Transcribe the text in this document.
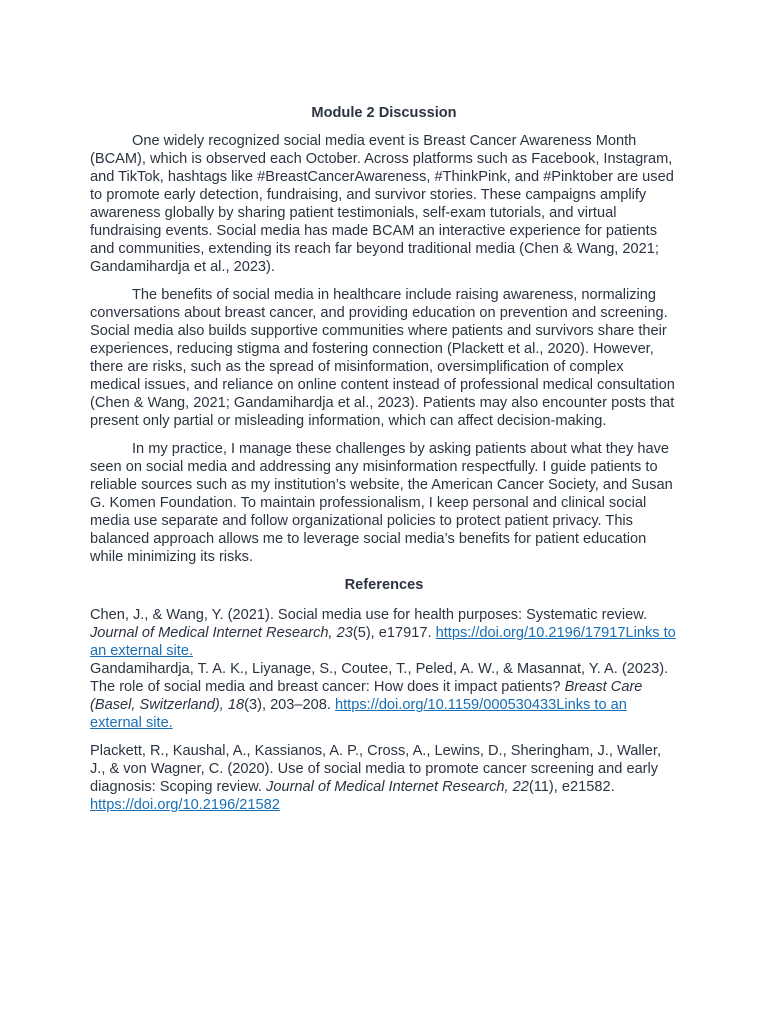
Module 2 Discussion

One widely recognized social media event is Breast Cancer Awareness Month (BCAM), which is observed each October. Across platforms such as Facebook, Instagram, and TikTok, hashtags like #BreastCancerAwareness, #ThinkPink, and #Pinktober are used to promote early detection, fundraising, and survivor stories. These campaigns amplify awareness globally by sharing patient testimonials, self-exam tutorials, and virtual fundraising events. Social media has made BCAM an interactive experience for patients and communities, extending its reach far beyond traditional media (Chen & Wang, 2021; Gandamihardja et al., 2023).

The benefits of social media in healthcare include raising awareness, normalizing conversations about breast cancer, and providing education on prevention and screening. Social media also builds supportive communities where patients and survivors share their experiences, reducing stigma and fostering connection (Plackett et al., 2020). However, there are risks, such as the spread of misinformation, oversimplification of complex medical issues, and reliance on online content instead of professional medical consultation (Chen & Wang, 2021; Gandamihardja et al., 2023). Patients may also encounter posts that present only partial or misleading information, which can affect decision-making.

In my practice, I manage these challenges by asking patients about what they have seen on social media and addressing any misinformation respectfully. I guide patients to reliable sources such as my institution’s website, the American Cancer Society, and Susan G. Komen Foundation. To maintain professionalism, I keep personal and clinical social media use separate and follow organizational policies to protect patient privacy. This balanced approach allows me to leverage social media’s benefits for patient education while minimizing its risks.

References

Chen, J., & Wang, Y. (2021). Social media use for health purposes: Systematic review. Journal of Medical Internet Research, 23(5), e17917. https://doi.org/10.2196/17917Links to an external site.

Gandamihardja, T. A. K., Liyanage, S., Coutee, T., Peled, A. W., & Masannat, Y. A. (2023). The role of social media and breast cancer: How does it impact patients? Breast Care (Basel, Switzerland), 18(3), 203–208. https://doi.org/10.1159/000530433Links to an external site.

Plackett, R., Kaushal, A., Kassianos, A. P., Cross, A., Lewins, D., Sheringham, J., Waller, J., & von Wagner, C. (2020). Use of social media to promote cancer screening and early diagnosis: Scoping review. Journal of Medical Internet Research, 22(11), e21582. https://doi.org/10.2196/21582
